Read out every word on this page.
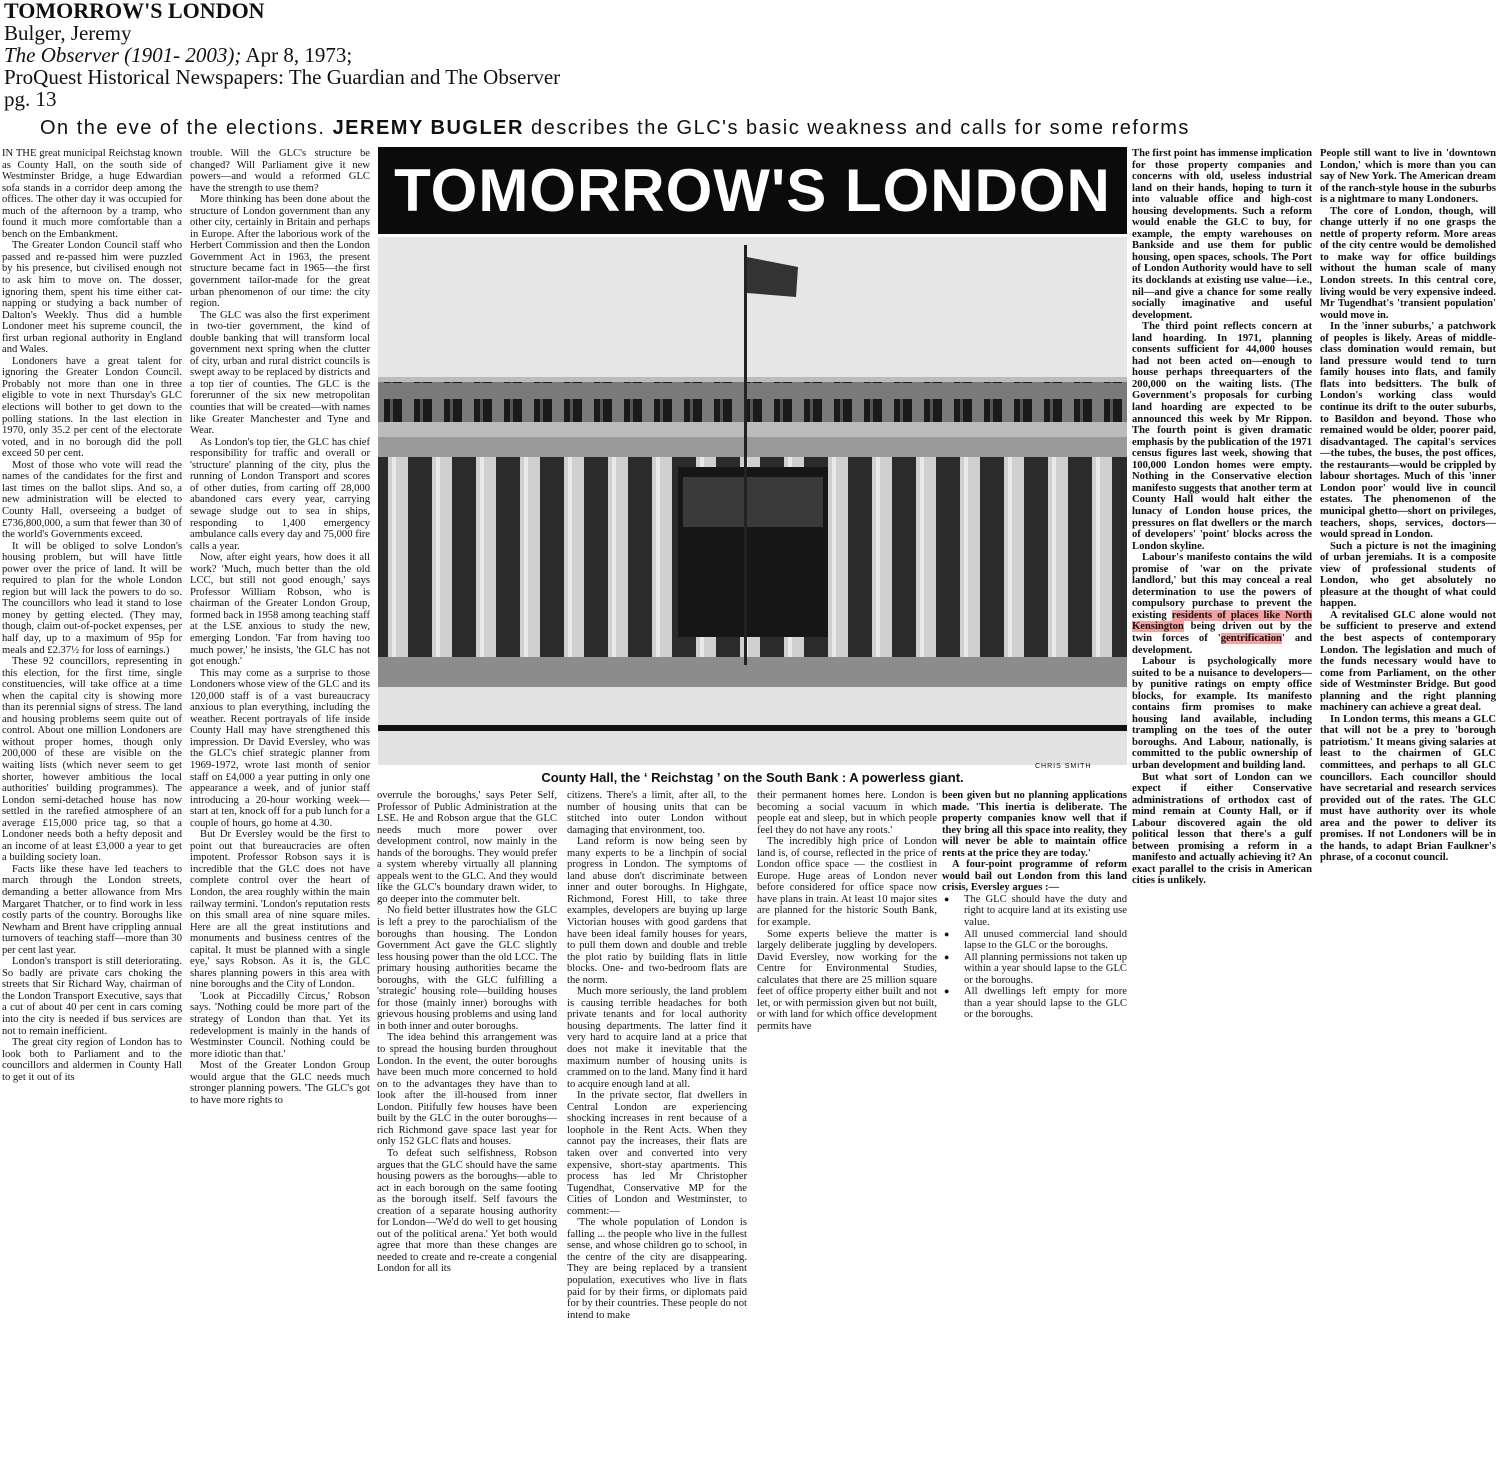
TOMORROW'S LONDON
Bulger, Jeremy
The Observer (1901- 2003); Apr 8, 1973;
ProQuest Historical Newspapers: The Guardian and The Observer
pg. 13
On the eve of the elections. JEREMY BUGLER describes the GLC's basic weakness and calls for some reforms

IN THE great municipal Reichstag known as County Hall, on the south side of Westminster Bridge, a huge Edwardian sofa stands in a corridor deep among the offices. The other day it was occupied for much of the afternoon by a tramp, who found it much more comfortable than a bench on the Embankment.

The Greater London Council staff who passed and re-passed him were puzzled by his presence, but civilised enough not to ask him to move on. The dosser, ignoring them, spent his time either cat-napping or studying a back number of Dalton's Weekly. Thus did a humble Londoner meet his supreme council, the first urban regional authority in England and Wales.

Londoners have a great talent for ignoring the Greater London Council. Probably not more than one in three eligible to vote in next Thursday's GLC elections will bother to get down to the polling stations. In the last election in 1970, only 35.2 per cent of the electorate voted, and in no borough did the poll exceed 50 per cent.

Most of those who vote will read the names of the candidates for the first and last times on the ballot slips. And so, a new administration will be elected to County Hall, overseeing a budget of £736,800,000, a sum that fewer than 30 of the world's Governments exceed.

It will be obliged to solve London's housing problem, but will have little power over the price of land. It will be required to plan for the whole London region but will lack the powers to do so. The councillors who lead it stand to lose money by getting elected. (They may, though, claim out-of-pocket expenses, per half day, up to a maximum of 95p for meals and £2.37½ for loss of earnings.)

These 92 councillors, representing in this election, for the first time, single constituencies, will take office at a time when the capital city is showing more than its perennial signs of stress. The land and housing problems seem quite out of control. About one million Londoners are without proper homes, though only 200,000 of these are visible on the waiting lists (which never seem to get shorter, however ambitious the local authorities' building programmes). The London semi-detached house has now settled in the rarefied atmosphere of an average £15,000 price tag, so that a Londoner needs both a hefty deposit and an income of at least £3,000 a year to get a building society loan.

Facts like these have led teachers to march through the London streets, demanding a better allowance from Mrs Margaret Thatcher, or to find work in less costly parts of the country. Boroughs like Newham and Brent have crippling annual turnovers of teaching staff—more than 30 per cent last year.

London's transport is still deteriorating. So badly are private cars choking the streets that Sir Richard Way, chairman of the London Transport Executive, says that a cut of about 40 per cent in cars coming into the city is needed if bus services are not to remain inefficient.

The great city region of London has to look both to Parliament and to the councillors and aldermen in County Hall to get it out of its

trouble. Will the GLC's structure be changed? Will Parliament give it new powers—and would a reformed GLC have the strength to use them?

More thinking has been done about the structure of London government than any other city, certainly in Britain and perhaps in Europe. After the laborious work of the Herbert Commission and then the London Government Act in 1963, the present structure became fact in 1965—the first government tailor-made for the great urban phenomenon of our time: the city region.

The GLC was also the first experiment in two-tier government, the kind of double banking that will transform local government next spring when the clutter of city, urban and rural district councils is swept away to be replaced by districts and a top tier of counties. The GLC is the forerunner of the six new metropolitan counties that will be created—with names like Greater Manchester and Tyne and Wear.

As London's top tier, the GLC has chief responsibility for traffic and overall or 'structure' planning of the city, plus the running of London Transport and scores of other duties, from carting off 28,000 abandoned cars every year, carrying sewage sludge out to sea in ships, responding to 1,400 emergency ambulance calls every day and 75,000 fire calls a year.

Now, after eight years, how does it all work? 'Much, much better than the old LCC, but still not good enough,' says Professor William Robson, who is chairman of the Greater London Group, formed back in 1958 among teaching staff at the LSE anxious to study the new, emerging London. 'Far from having too much power,' he insists, 'the GLC has not got enough.'

This may come as a surprise to those Londoners whose view of the GLC and its 120,000 staff is of a vast bureaucracy anxious to plan everything, including the weather. Recent portrayals of life inside County Hall may have strengthened this impression. Dr David Eversley, who was the GLC's chief strategic planner from 1969-1972, wrote last month of senior staff on £4,000 a year putting in only one appearance a week, and of junior staff introducing a 20-hour working week—start at ten, knock off for a pub lunch for a couple of hours, go home at 4.30.

But Dr Eversley would be the first to point out that bureaucracies are often impotent. Professor Robson says it is incredible that the GLC does not have complete control over the heart of London, the area roughly within the main railway termini. 'London's reputation rests on this small area of nine square miles. Here are all the great institutions and monuments and business centres of the capital. It must be planned with a single eye,' says Robson. As it is, the GLC shares planning powers in this area with nine boroughs and the City of London.

'Look at Piccadilly Circus,' Robson says. 'Nothing could be more part of the strategy of London than that. Yet its redevelopment is mainly in the hands of Westminster Council. Nothing could be more idiotic than that.'

Most of the Greater London Group would argue that the GLC needs much stronger planning powers. 'The GLC's got to have more rights to

TOMORROW'S LONDON
CHRIS SMITH
County Hall, the ‘ Reichstag ’ on the South Bank : A powerless giant.

overrule the boroughs,' says Peter Self, Professor of Public Administration at the LSE. He and Robson argue that the GLC needs much more power over development control, now mainly in the hands of the boroughs. They would prefer a system whereby virtually all planning appeals went to the GLC. And they would like the GLC's boundary drawn wider, to go deeper into the commuter belt.

No field better illustrates how the GLC is left a prey to the parochialism of the boroughs than housing. The London Government Act gave the GLC slightly less housing power than the old LCC. The primary housing authorities became the boroughs, with the GLC fulfilling a 'strategic' housing role—building houses for those (mainly inner) boroughs with grievous housing problems and using land in both inner and outer boroughs.

The idea behind this arrangement was to spread the housing burden throughout London. In the event, the outer boroughs have been much more concerned to hold on to the advantages they have than to look after the ill-housed from inner London. Pitifully few houses have been built by the GLC in the outer boroughs—rich Richmond gave space last year for only 152 GLC flats and houses.

To defeat such selfishness, Robson argues that the GLC should have the same housing powers as the boroughs—able to act in each borough on the same footing as the borough itself. Self favours the creation of a separate housing authority for London—'We'd do well to get housing out of the political arena.' Yet both would agree that more than these changes are needed to create and re-create a congenial London for all its

citizens. There's a limit, after all, to the number of housing units that can be stitched into outer London without damaging that environment, too.

Land reform is now being seen by many experts to be a linchpin of social progress in London. The symptoms of land abuse don't discriminate between inner and outer boroughs. In Highgate, Richmond, Forest Hill, to take three examples, developers are buying up large Victorian houses with good gardens that have been ideal family houses for years, to pull them down and double and treble the plot ratio by building flats in little blocks. One- and two-bedroom flats are the norm.

Much more seriously, the land problem is causing terrible headaches for both private tenants and for local authority housing departments. The latter find it very hard to acquire land at a price that does not make it inevitable that the maximum number of housing units is crammed on to the land. Many find it hard to acquire enough land at all.

In the private sector, flat dwellers in Central London are experiencing shocking increases in rent because of a loophole in the Rent Acts. When they cannot pay the increases, their flats are taken over and converted into very expensive, short-stay apartments. This process has led Mr Christopher Tugendhat, Conservative MP for the Cities of London and Westminster, to comment:—

'The whole population of London is falling ... the people who live in the fullest sense, and whose children go to school, in the centre of the city are disappearing. They are being replaced by a transient population, executives who live in flats paid for by their firms, or diplomats paid for by their countries. These people do not intend to make

their permanent homes here. London is becoming a social vacuum in which people eat and sleep, but in which people feel they do not have any roots.'

The incredibly high price of London land is, of course, reflected in the price of London office space — the costliest in Europe. Huge areas of London never before considered for office space now have plans in train. At least 10 major sites are planned for the historic South Bank, for example.

Some experts believe the matter is largely deliberate juggling by developers. David Eversley, now working for the Centre for Environmental Studies, calculates that there are 25 million square feet of office property either built and not let, or with permission given but not built, or with land for which office development permits have

been given but no planning applications made. 'This inertia is deliberate. The property companies know well that if they bring all this space into reality, they will never be able to maintain office rents at the price they are today.'

A four-point programme of reform would bail out London from this land crisis, Eversley argues :—

● The GLC should have the duty and right to acquire land at its existing use value.
● All unused commercial land should lapse to the GLC or the boroughs.
● All planning permissions not taken up within a year should lapse to the GLC or the boroughs.
● All dwellings left empty for more than a year should lapse to the GLC or the boroughs.

The first point has immense implication for those property companies and concerns with old, useless industrial land on their hands, hoping to turn it into valuable office and high-cost housing developments. Such a reform would enable the GLC to buy, for example, the empty warehouses on Bankside and use them for public housing, open spaces, schools. The Port of London Authority would have to sell its docklands at existing use value—i.e., nil—and give a chance for some really socially imaginative and useful development.

The third point reflects concern at land hoarding. In 1971, planning consents sufficient for 44,000 houses had not been acted on—enough to house perhaps threequarters of the 200,000 on the waiting lists. (The Government's proposals for curbing land hoarding are expected to be announced this week by Mr Rippon. The fourth point is given dramatic emphasis by the publication of the 1971 census figures last week, showing that 100,000 London homes were empty. Nothing in the Conservative election manifesto suggests that another term at County Hall would halt either the lunacy of London house prices, the pressures on flat dwellers or the march of developers' 'point' blocks across the London skyline.

Labour's manifesto contains the wild promise of 'war on the private landlord,' but this may conceal a real determination to use the powers of compulsory purchase to prevent the existing residents of places like North Kensington being driven out by the twin forces of 'gentrification' and development.

Labour is psychologically more suited to be a nuisance to developers—by punitive ratings on empty office blocks, for example. Its manifesto contains firm promises to make housing land available, including trampling on the toes of the outer boroughs. And Labour, nationally, is committed to the public ownership of urban development and building land.

But what sort of London can we expect if either Conservative administrations of orthodox cast of mind remain at County Hall, or if Labour discovered again the old political lesson that there's a gulf between promising a reform in a manifesto and actually achieving it? An exact parallel to the crisis in American cities is unlikely.

People still want to live in 'downtown London,' which is more than you can say of New York. The American dream of the ranch-style house in the suburbs is a nightmare to many Londoners.

The core of London, though, will change utterly if no one grasps the nettle of property reform. More areas of the city centre would be demolished to make way for office buildings without the human scale of many London streets. In this central core, living would be very expensive indeed. Mr Tugendhat's 'transient population' would move in.

In the 'inner suburbs,' a patchwork of peoples is likely. Areas of middle-class domination would remain, but land pressure would tend to turn family houses into flats, and family flats into bedsitters. The bulk of London's working class would continue its drift to the outer suburbs, to Basildon and beyond. Those who remained would be older, poorer paid, disadvantaged. The capital's services—the tubes, the buses, the post offices, the restaurants—would be crippled by labour shortages. Much of this 'inner London poor' would live in council estates. The phenomenon of the municipal ghetto—short on privileges, teachers, shops, services, doctors—would spread in London.

Such a picture is not the imagining of urban jeremiahs. It is a composite view of professional students of London, who get absolutely no pleasure at the thought of what could happen.

A revitalised GLC alone would not be sufficient to preserve and extend the best aspects of contemporary London. The legislation and much of the funds necessary would have to come from Parliament, on the other side of Westminster Bridge. But good planning and the right planning machinery can achieve a great deal.

In London terms, this means a GLC that will not be a prey to 'borough patriotism.' It means giving salaries at least to the chairmen of GLC committees, and perhaps to all GLC councillors. Each councillor should have secretarial and research services provided out of the rates. The GLC must have authority over its whole area and the power to deliver its promises. If not Londoners will be in the hands, to adapt Brian Faulkner's phrase, of a coconut council.
